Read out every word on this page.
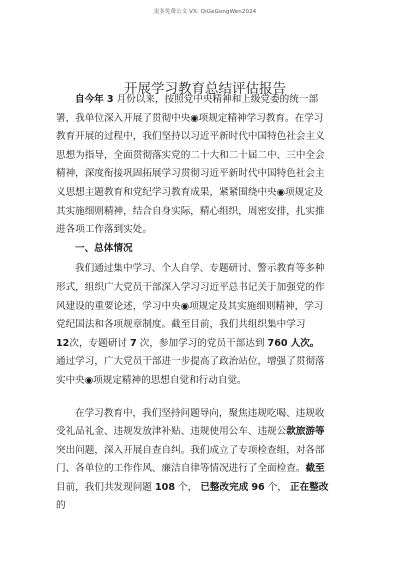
更多免费公文 VX: QiGeGongWen2024
开展学习教育总结评估报告

自今年 3 月份以来，按照党中央精神和上级党委的统一部
署，我单位深入开展了贯彻中央◉项规定精神学习教育。在学习
教育开展的过程中，我们坚持以习近平新时代中国特色社会主义
思想为指导，全面贯彻落实党的二十大和二十届二中、三中全会
精神，深度衔接巩固拓展学习贯彻习近平新时代中国特色社会主
义思想主题教育和党纪学习教育成果，紧紧围绕中央◉项规定及
其实施细则精神，结合自身实际，精心组织，周密安排，扎实推
进各项工作落到实处。

一、总体情况

我们通过集中学习、个人自学、专题研讨、警示教育等多种
形式，组织广大党员干部深入学习习近平总书记关于加强党的作
风建设的重要论述，学习中央◉项规定及其实施细则精神，学习
党纪国法和各项规章制度。截至目前，我们共组织集中学习
12次，专题研讨 7 次，参加学习的党员干部达到 760 人次。
通过学习，广大党员干部进一步提高了政治站位，增强了贯彻落
实中央◉项规定精神的思想自觉和行动自觉。

在学习教育中，我们坚持问题导向，聚焦违规吃喝、违规收
受礼品礼金、违规发放津补贴、违规使用公车、违规公款旅游等
突出问题，深入开展自查自纠。我们成立了专项检查组，对各部
门、各单位的工作作风、廉洁自律等情况进行了全面检查。截至
目前，我们共发现问题 108 个， 已整改完成 96 个， 正在整改
的
